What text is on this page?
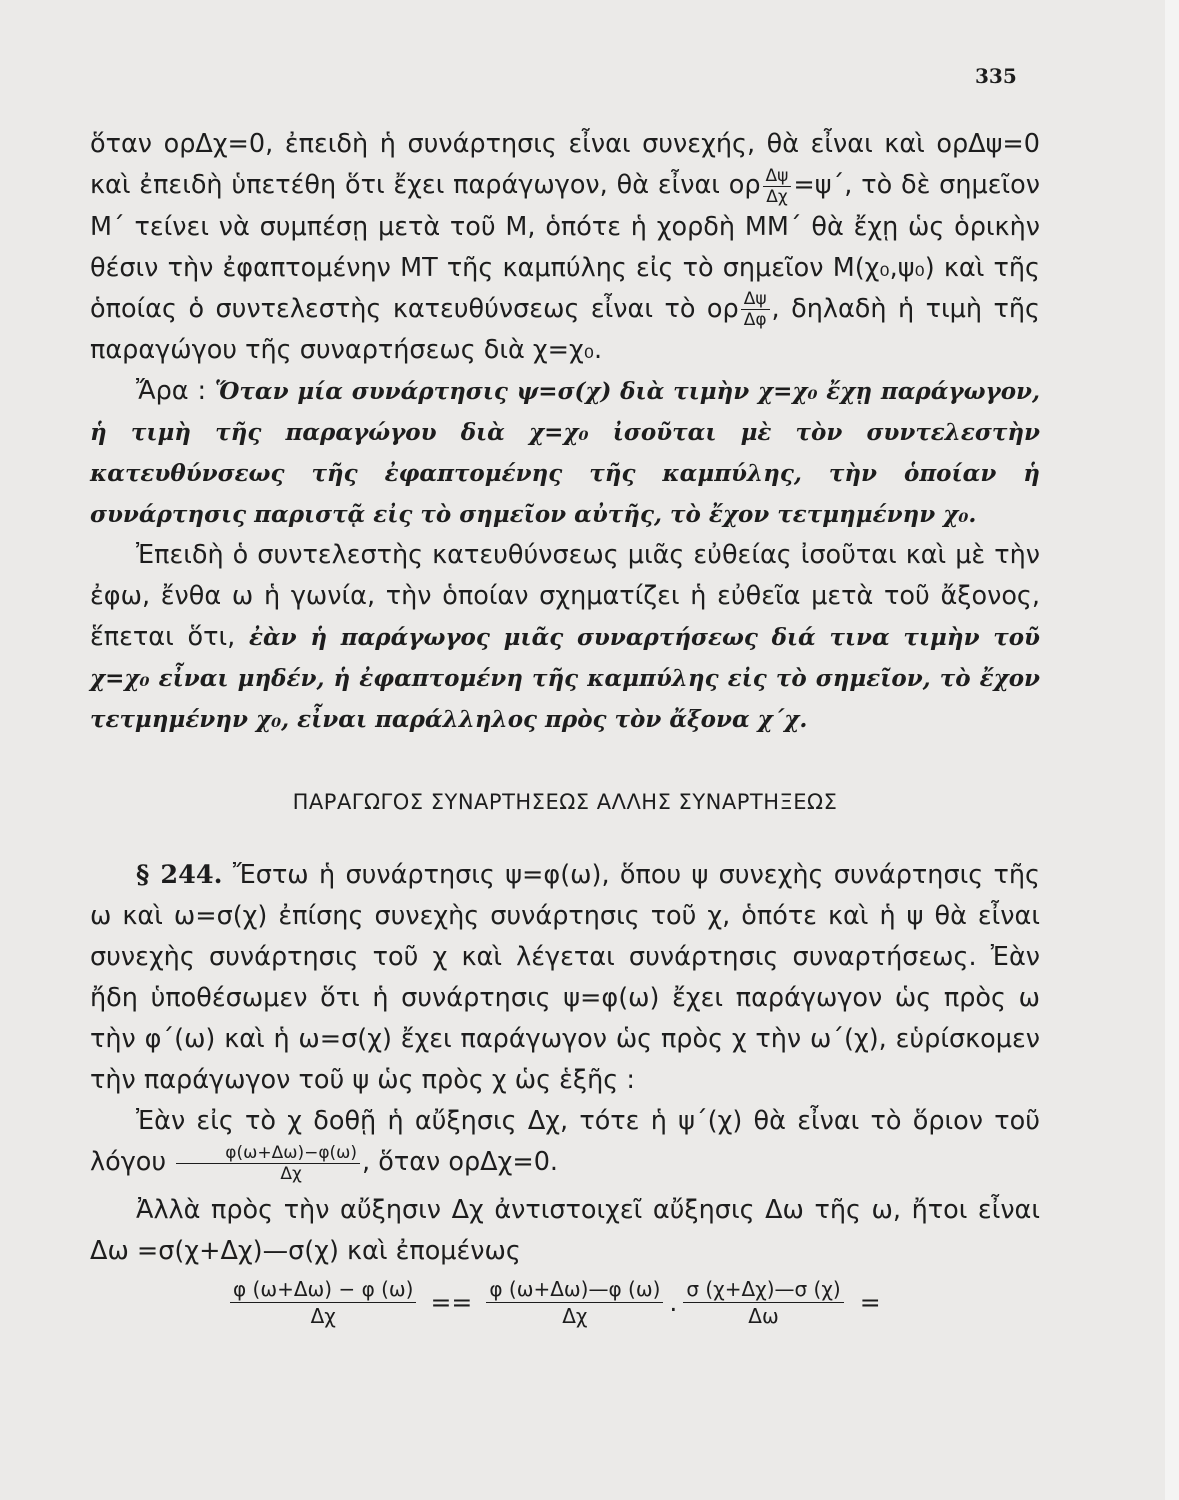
335

ὅταν ορΔχ=0, ἐπειδὴ ἡ συνάρτησις εἶναι συνεχής, θὰ εἶναι καὶ ορΔψ=0 καὶ ἐπειδὴ ὑπετέθη ὅτι ἔχει παράγωγον, θὰ εἶναι ορ $\frac{\Delta\psi}{\Delta\chi} =\psi΄$, τὸ δὲ σημεῖον Μ΄ τείνει νὰ συμπέσῃ μετὰ τοῦ Μ, ὁπότε ἡ χορδὴ ΜΜ΄ θὰ ἔχῃ ὡς ὁρικὴν θέσιν τὴν ἐφαπτομένην ΜΤ τῆς καμπύλης εἰς τὸ σημεῖον Μ(χ₀,ψ₀) καὶ τῆς ὁποίας ὁ συντελεστὴς κατευθύνσεως εἶναι τὸ ορ $\frac{\Delta\psi}{\Delta\varphi}$ , δηλαδὴ ἡ τιμὴ τῆς παραγώγου τῆς συναρτήσεως διὰ χ=χ₀.

Ἄρα : Ὅταν μία συνάρτησις ψ=σ(χ) διὰ τιμὴν χ=χ₀ ἔχῃ παράγωγον, ἡ τιμὴ τῆς παραγώγου διὰ χ=χ₀ ἰσοῦται μὲ τὸν συντελεστὴν κατευθύνσεως τῆς ἐφαπτομένης τῆς καμπύλης, τὴν ὁποίαν ἡ συνάρτησις παριστᾷ εἰς τὸ σημεῖον αὐτῆς, τὸ ἔχον τετμημένην χ₀.

Ἐπειδὴ ὁ συντελεστὴς κατευθύνσεως μιᾶς εὐθείας ἰσοῦται καὶ μὲ τὴν ἐφω, ἔνθα ω ἡ γωνία, τὴν ὁποίαν σχηματίζει ἡ εὐθεῖα μετὰ τοῦ ἄξονος, ἕπεται ὅτι, ἐὰν ἡ παράγωγος μιᾶς συναρτήσεως διά τινα τιμὴν τοῦ χ=χ₀ εἶναι μηδέν, ἡ ἐφαπτομένη τῆς καμπύλης εἰς τὸ σημεῖον, τὸ ἔχον τετμημένην χ₀, εἶναι παράλληλος πρὸς τὸν ἄξονα χ΄χ.

ΠΑΡΑΓΩΓΟΣ ΣΥΝΑΡΤΗΣΕΩΣ ΑΛΛΗΣ ΣΥΝΑΡΤΗΞΕΩΣ

§ 244. Ἔστω ἡ συνάρτησις ψ=φ(ω), ὅπου ψ συνεχὴς συνάρτησις τῆς ω καὶ ω=σ(χ) ἐπίσης συνεχὴς συνάρτησις τοῦ χ, ὁπότε καὶ ἡ ψ θὰ εἶναι συνεχὴς συνάρτησις τοῦ χ καὶ λέγεται συνάρτησις συναρτήσεως. Ἐὰν ἤδη ὑποθέσωμεν ὅτι ἡ συνάρτησις ψ=φ(ω) ἔχει παράγωγον ὡς πρὸς ω τὴν φ΄(ω) καὶ ἡ ω=σ(χ) ἔχει παράγωγον ὡς πρὸς χ τὴν ω΄(χ), εὑρίσκομεν τὴν παράγωγον τοῦ ψ ὡς πρὸς χ ὡς ἑξῆς :

Ἐὰν εἰς τὸ χ δοθῇ ἡ αὔξησις Δχ, τότε ἡ ψ΄(χ) θὰ εἶναι τὸ ὅριον τοῦ λόγου $\frac{\varphi(\omega+\Delta\omega)-\varphi(\omega)}{\Delta\chi}$ , ὅταν ορΔχ=0.

Ἀλλὰ πρὸς τὴν αὔξησιν Δχ ἀντιστοιχεῖ αὔξησις Δω τῆς ω, ἤτοι εἶναι Δω =σ(χ+Δχ)—σ(χ) καὶ ἐπομένως

$\frac{\varphi (\omega+\Delta\omega) - \varphi (\omega)}{\Delta\chi} == \frac{\varphi (\omega+\Delta\omega)—\varphi (\omega)}{\Delta\chi}$ . $\frac{\sigma (\chi+\Delta\chi)—\sigma (\chi)}{\Delta\omega}$ =
